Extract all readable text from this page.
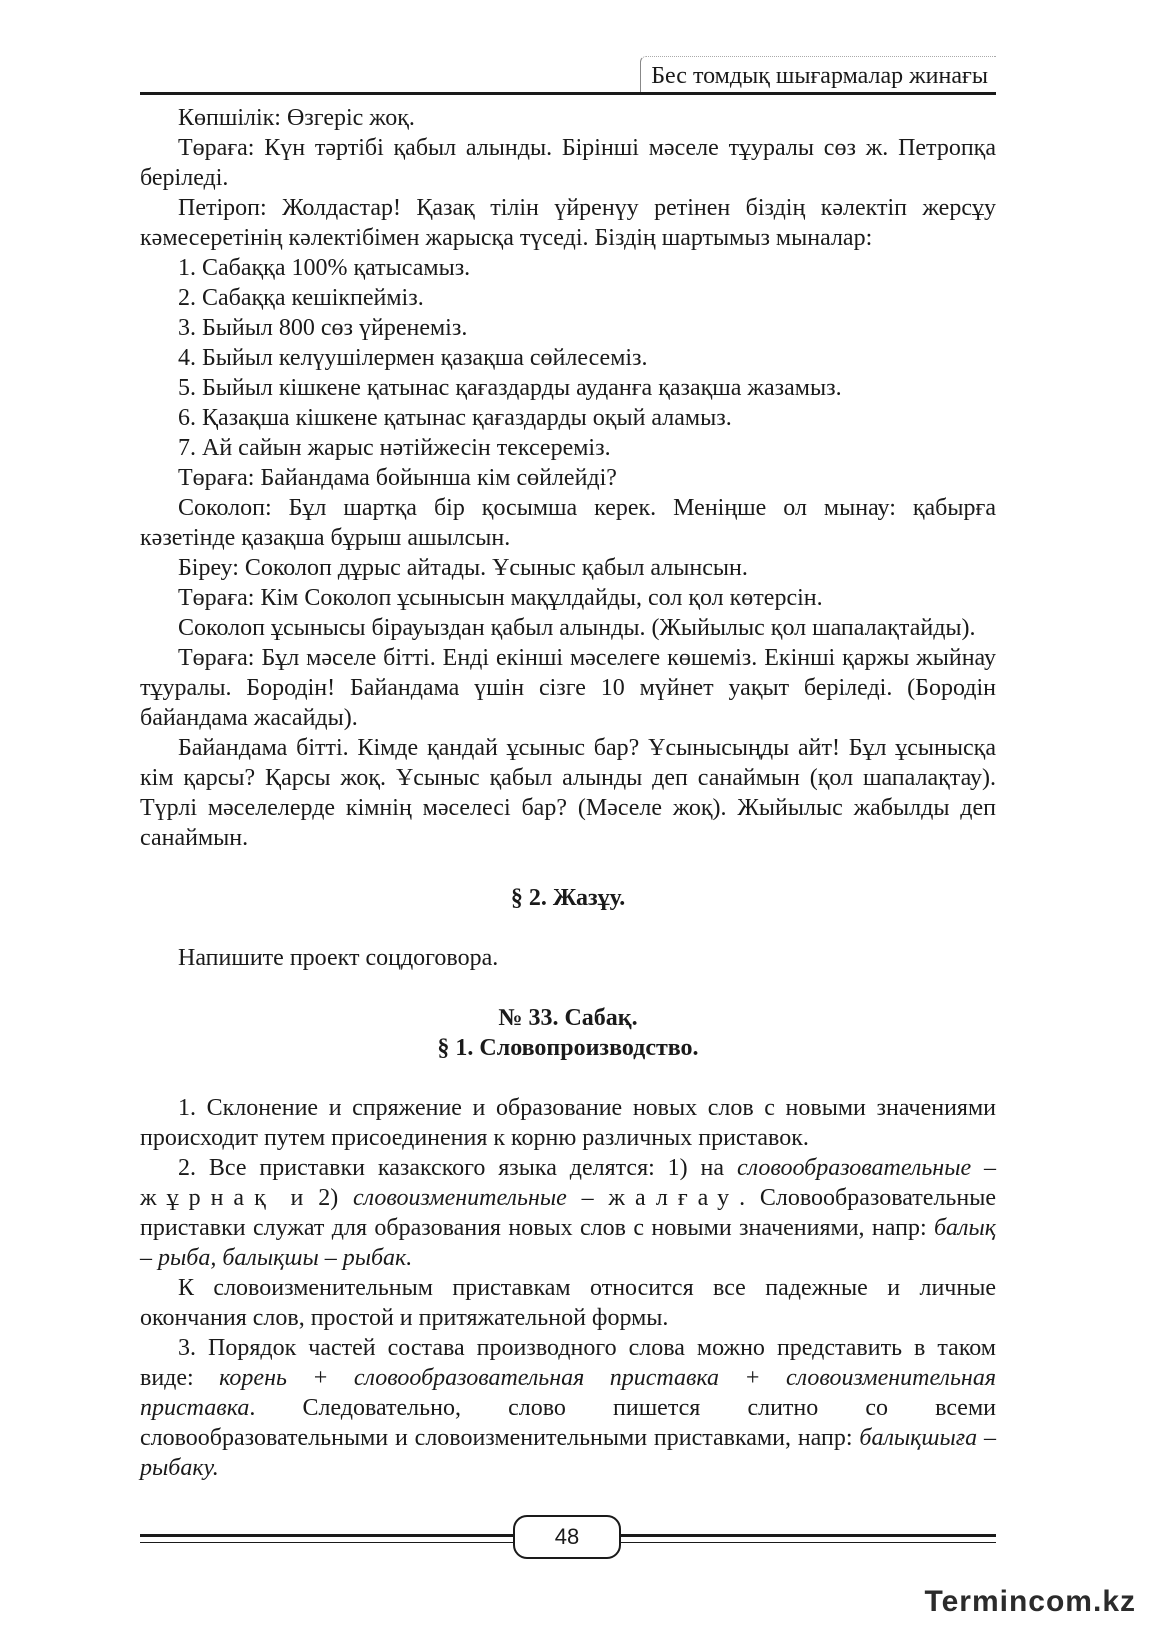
Бес томдық шығармалар жинағы

Көпшілік: Өзгеріс жоқ.

Төраға: Күн тәртібі қабыл алынды. Бірінші мәселе тұуралы сөз ж. Петропқа беріледі.

Петіроп: Жолдастар! Қазақ тілін үйренүу ретінен біздің кәлектіп жерсұу кәмесеретінің кәлектібімен жарысқа түседі. Біздің шартымыз мыналар:

1. Сабаққа 100% қатысамыз.

2. Сабаққа кешікпейміз.

3. Быйыл 800 сөз үйренеміз.

4. Быйыл келүушілермен қазақша сөйлесеміз.

5. Быйыл кішкене қатынас қағаздарды ауданға қазақша жазамыз.

6. Қазақша кішкене қатынас қағаздарды оқый аламыз.

7. Ай сайын жарыс нәтійжесін тексереміз.

Төраға: Байандама бойынша кім сөйлейді?

Соколоп: Бұл шартқа бір қосымша керек. Меніңше ол мынау: қабырға кәзетінде қазақша бұрыш ашылсын.

Біреу: Соколоп дұрыс айтады. Ұсыныс қабыл алынсын.

Төраға: Кім Соколоп ұсынысын мақұлдайды, сол қол көтерсін.

Соколоп ұсынысы бірауыздан қабыл алынды. (Жыйылыс қол шапалақтайды).

Төраға: Бұл мәселе бітті. Енді екінші мәселеге көшеміз. Екінші қаржы жыйнау тұуралы. Бородін! Байандама үшін сізге 10 мүйнет уақыт беріледі. (Бородін байандама жасайды).

Байандама бітті. Кімде қандай ұсыныс бар? Ұсынысыңды айт! Бұл ұсынысқа кім қарсы? Қарсы жоқ. Ұсыныс қабыл алынды деп санаймын (қол шапалақтау). Түрлі мәселелерде кімнің мәселесі бар? (Мәселе жоқ). Жыйылыс жабылды деп санаймын.

§ 2. Жазұу.

Напишите проект соцдоговора.

№ 33. Сабақ.

§ 1. Словопроизводство.

1. Склонение и спряжение и образование новых слов с новыми значениями происходит путем присоединения к корню различных приставок.

2. Все приставки казакского языка делятся: 1) на словообразовательные – жұрнақ и 2) словоизменительные – жалғау. Словообразовательные приставки служат для образования новых слов с новыми значениями, напр: балық – рыба, балықшы – рыбак.

К словоизменительным приставкам относится все падежные и личные окончания слов, простой и притяжательной формы.

3. Порядок частей состава производного слова можно представить в таком виде: корень + словообразовательная приставка + словоизменительная приставка. Следовательно, слово пишется слитно со всеми словообразовательными и словоизменительными приставками, напр: балықшыға – рыбаку.

48
Termincom.kz
